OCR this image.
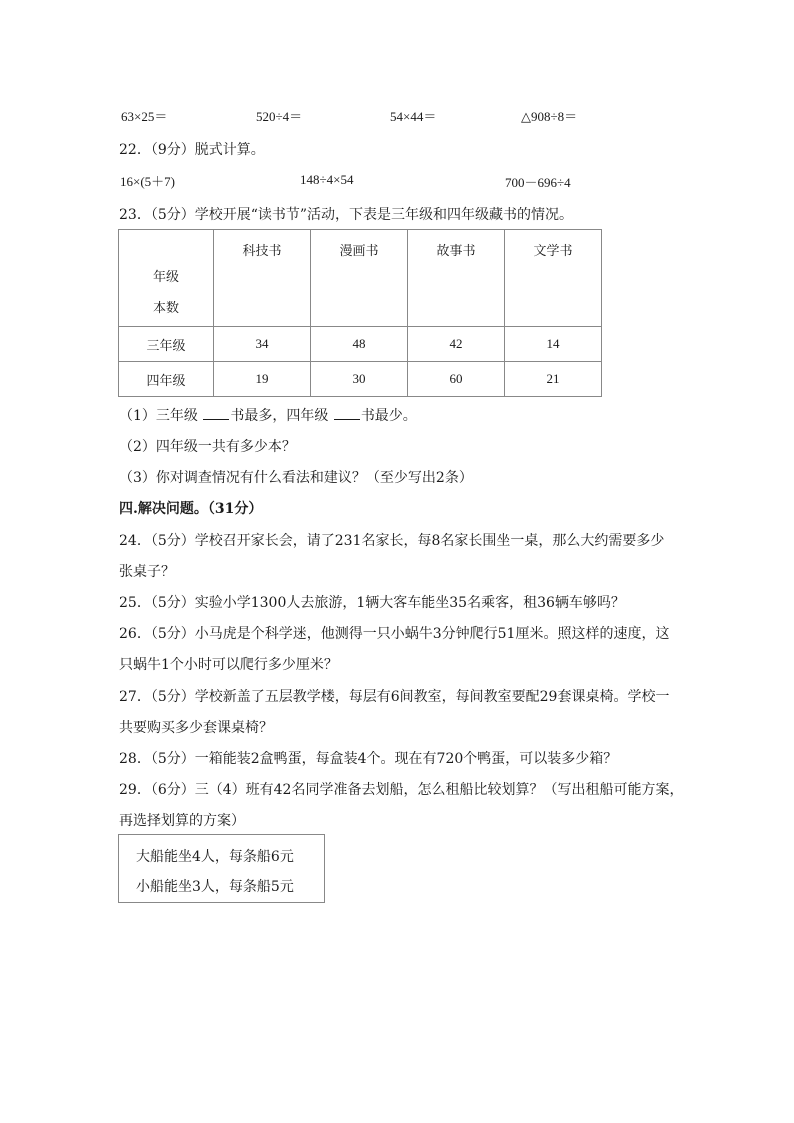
63×25＝	520÷4＝	54×44＝	△908÷8＝
22．（9分）脱式计算。
16×(5＋7)	148÷4×54	700－696÷4
23．（5分）学校开展“读书节”活动，下表是三年级和四年级藏书的情况。
年级
本数	科技书	漫画书	故事书	文学书
三年级	34	48	42	14
四年级	19	30	60	21
（1）三年级 书最多，四年级 书最少。
（2）四年级一共有多少本？
（3）你对调查情况有什么看法和建议？（至少写出2条）
四.解决问题。（31分）
24．（5分）学校召开家长会，请了231名家长，每8名家长围坐一桌，那么大约需要多少
张桌子？
25．（5分）实验小学1300人去旅游，1辆大客车能坐35名乘客，租36辆车够吗？
26．（5分）小马虎是个科学迷，他测得一只小蜗牛3分钟爬行51厘米。照这样的速度，这
只蜗牛1个小时可以爬行多少厘米？
27．（5分）学校新盖了五层教学楼，每层有6间教室，每间教室要配29套课桌椅。学校一
共要购买多少套课桌椅？
28．（5分）一箱能装2盒鸭蛋，每盒装4个。现在有720个鸭蛋，可以装多少箱？
29．（6分）三（4）班有42名同学准备去划船，怎么租船比较划算？（写出租船可能方案，
再选择划算的方案）
大船能坐4人，每条船6元
小船能坐3人，每条船5元
